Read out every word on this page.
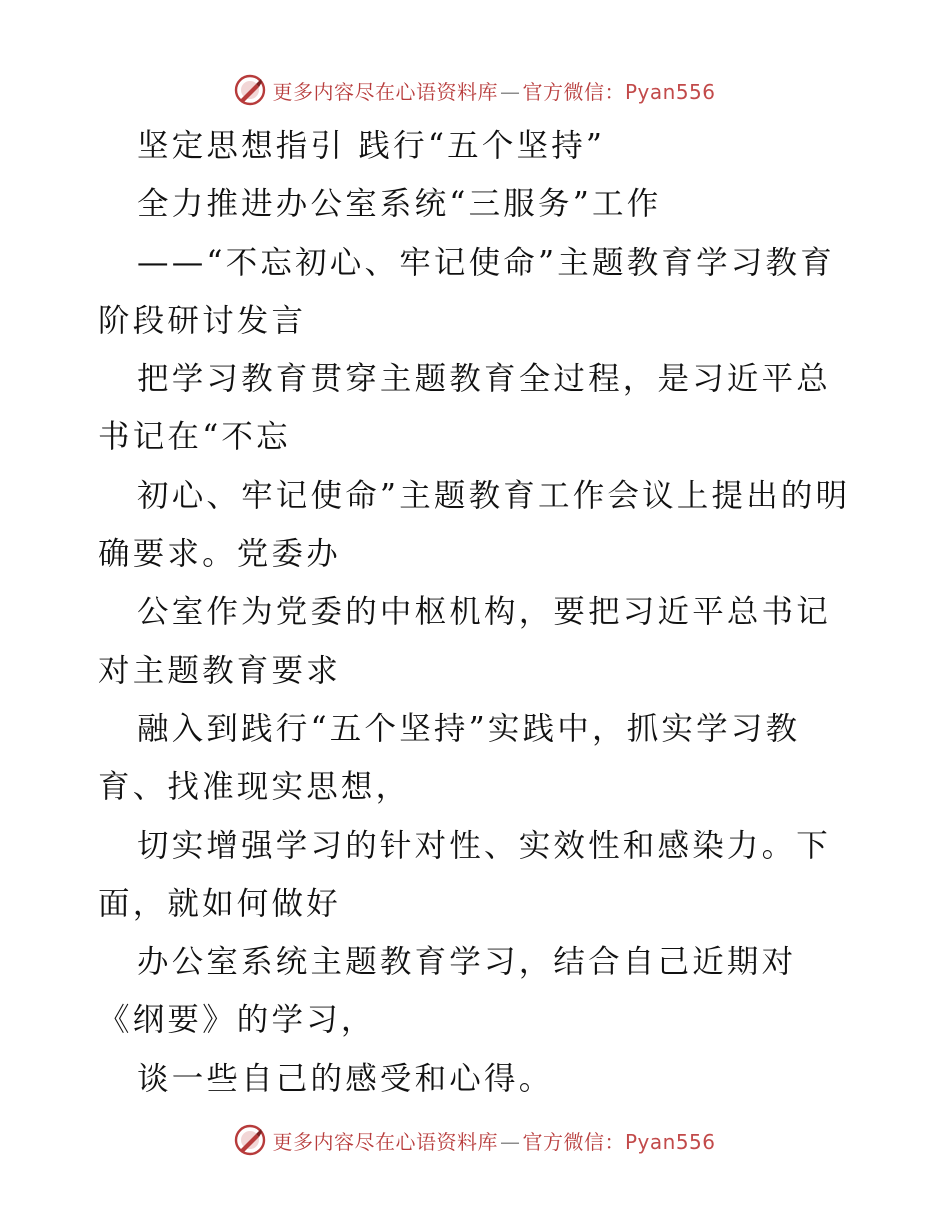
更多内容尽在心语资料库 — 官方微信：Pyan556

坚定思想指引 践行“五个坚持”

全力推进办公室系统“三服务”工作

——“不忘初心、牢记使命”主题教育学习教育阶段研讨发言

把学习教育贯穿主题教育全过程，是习近平总书记在“不忘

初心、牢记使命”主题教育工作会议上提出的明确要求。党委办

公室作为党委的中枢机构，要把习近平总书记对主题教育要求

融入到践行“五个坚持”实践中，抓实学习教育、找准现实思想，

切实增强学习的针对性、实效性和感染力。下面，就如何做好

办公室系统主题教育学习，结合自己近期对《纲要》的学习，

谈一些自己的感受和心得。

更多内容尽在心语资料库 — 官方微信：Pyan556
